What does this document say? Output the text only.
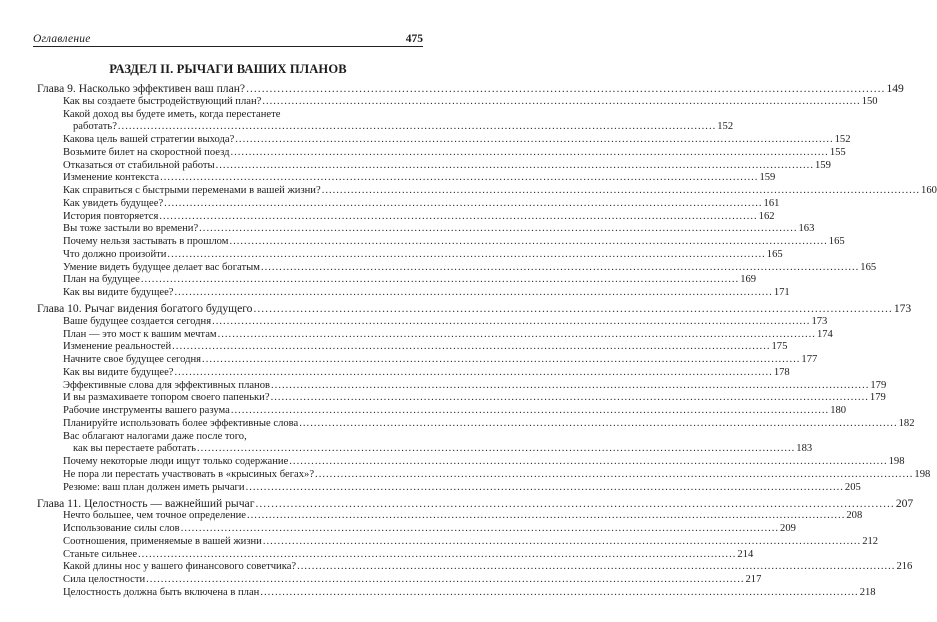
Оглавление	475
РАЗДЕЛ II. РЫЧАГИ ВАШИХ ПЛАНОВ
Глава 9. Насколько эффективен ваш план? .....	149
Как вы создаете быстродействующий план? .....	150
Какой доход вы будете иметь, когда перестанете
работать? .....	152
Какова цель вашей стратегии выхода? .....	152
Возьмите билет на скоростной поезд .....	155
Отказаться от стабильной работы .....	159
Изменение контекста .....	159
Как справиться с быстрыми переменами в вашей жизни? .....	160
Как увидеть будущее? .....	161
История повторяется .....	162
Вы тоже застыли во времени? .....	163
Почему нельзя застывать в прошлом .....	165
Что должно произойти .....	165
Умение видеть будущее делает вас богатым .....	165
План на будущее .....	169
Как вы видите будущее? .....	171
Глава 10. Рычаг видения богатого будущего .....	173
Ваше будущее создается сегодня .....	173
План — это мост к вашим мечтам .....	174
Изменение реальностей .....	175
Начните свое будущее сегодня .....	177
Как вы видите будущее? .....	178
Эффективные слова для эффективных планов .....	179
И вы размахиваете топором своего папеньки? .....	179
Рабочие инструменты вашего разума .....	180
Планируйте использовать более эффективные слова .....	182
Вас облагают налогами даже после того,
как вы перестаете работать .....	183
Почему некоторые люди ищут только содержание .....	198
Не пора ли перестать участвовать в «крысиных бегах»? .....	198
Резюме: ваш план должен иметь рычаги .....	205
Глава 11. Целостность — важнейший рычаг .....	207
Нечто большее, чем точное определение .....	208
Использование силы слов .....	209
Соотношения, применяемые в вашей жизни .....	212
Станьте сильнее .....	214
Какой длины нос у вашего финансового советчика? .....	216
Сила целостности .....	217
Целостность должна быть включена в план .....	218
